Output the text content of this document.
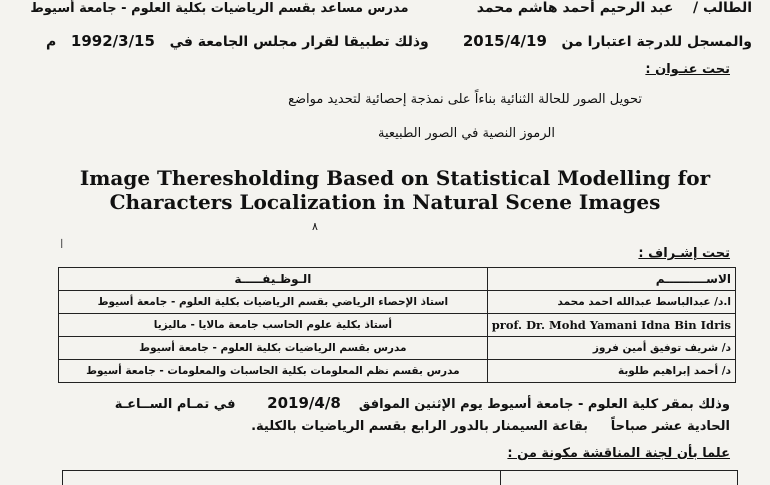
الطالب /    عبد الرحيم أحمد هاشم محمد              مدرس مساعد بقسم الرياضيات بكلية العلوم - جامعة أسيوط
والمسجل للدرجة اعتبارا من   2015/4/19       وذلك تطبيقا لقرار مجلس الجامعة في   1992/3/15   م
تحت عنـوان :
تحويل الصور للحالة الثنائية بناءاً على نمذجة إحصائية لتحديد مواضع
الرموز النصية في الصور الطبيعية
Image Theresholding Based on Statistical Modelling for
Characters Localization in Natural Scene Images
٨
ا
تحت إشـراف :
الاســــــــــم	الـوظـيفـــــة
ا.د/ عبدالباسط عبدالله احمد محمد	استاذ الإحصاء الرياضي بقسم الرياضيات بكلية العلوم - جامعة أسيوط
prof. Dr. Mohd Yamani Idna Bin Idris	أستاذ بكلية علوم الحاسب جامعة مالايا - ماليزيا
د/ شريف توفيق أمين فروز	مدرس بقسم الرياضيات بكلية العلوم - جامعة أسيوط
د/ أحمد إبراهيم طلوبة	مدرس بقسم نظم المعلومات بكلية الحاسبات والمعلومات - جامعة أسيوط
وذلك بمقر كلية العلوم - جامعة أسيوط يوم الإثنين الموافق    2019/4/8       في تمـام الســاعـة
الحادية عشر صباحاً     بقاعة السيمنار بالدور الرابع بقسم الرياضيات بالكلية.
علما بأن لجنة المناقشة مكونة من :
